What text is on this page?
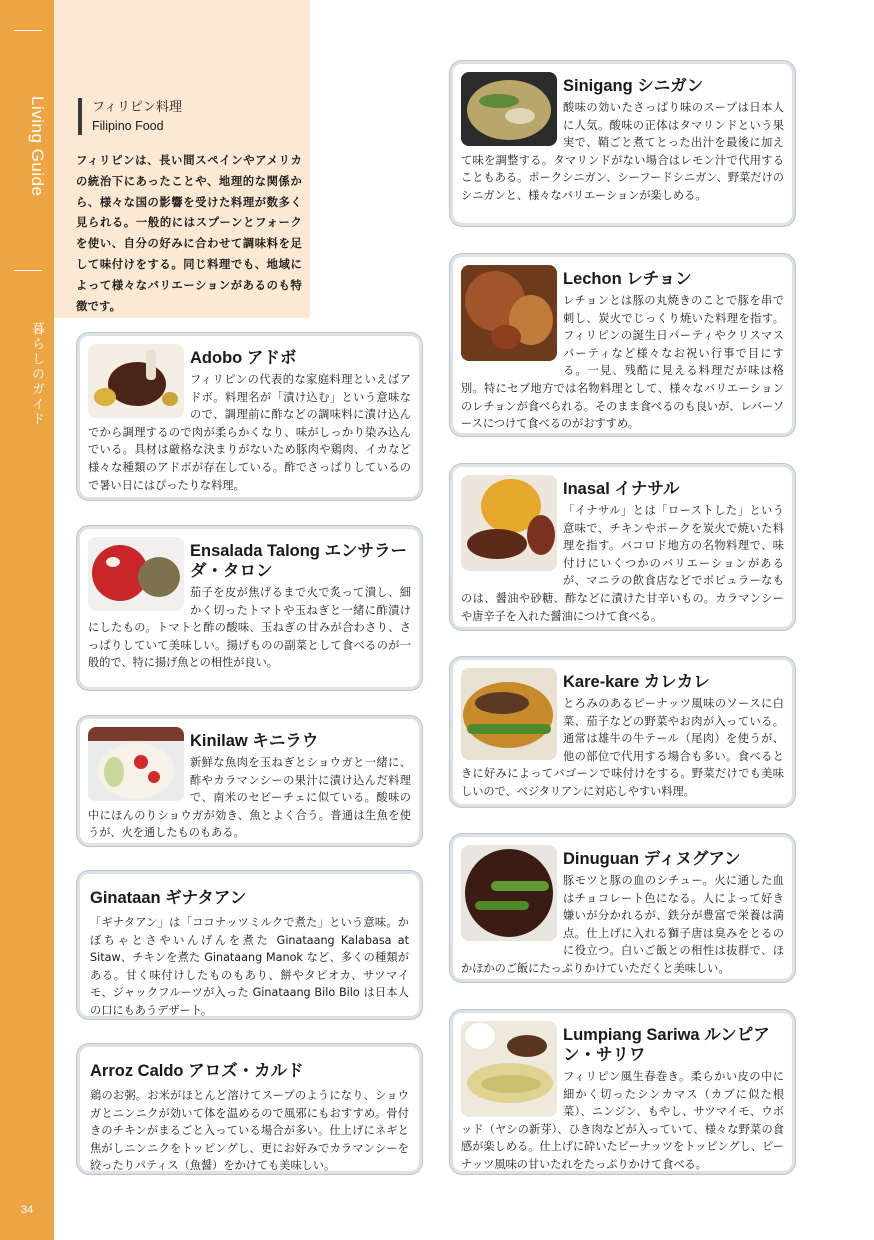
Living Guide
暮らしのガイド
34
フィリピン料理
Filipino Food
フィリピンは、長い間スペインやアメリカの統治下にあったことや、地理的な関係から、様々な国の影響を受けた料理が数多く見られる。一般的にはスプーンとフォークを使い、自分の好みに合わせて調味料を足して味付けをする。同じ料理でも、地域によって様々なバリエーションがあるのも特徴です。
Adobo アドボ
フィリピンの代表的な家庭料理といえばアドボ。料理名が「漬け込む」という意味なので、調理前に酢などの調味料に漬け込んでから調理するので肉が柔らかくなり、味がしっかり染み込んでいる。具材は厳格な決まりがないため豚肉や鶏肉、イカなど様々な種類のアドボが存在している。酢でさっぱりしているので暑い日にはぴったりな料理。
Ensalada Talong エンサラーダ・タロン
茄子を皮が焦げるまで火で炙って潰し、細かく切ったトマトや玉ねぎと一緒に酢漬けにしたもの。トマトと酢の酸味、玉ねぎの甘みが合わさり、さっぱりしていて美味しい。揚げものの副菜として食べるのが一般的で、特に揚げ魚との相性が良い。
Kinilaw キニラウ
新鮮な魚肉を玉ねぎとショウガと一緒に、酢やカラマンシーの果汁に漬け込んだ料理で、南米のセビーチェに似ている。酸味の中にほんのりショウガが効き、魚とよく合う。普通は生魚を使うが、火を通したものもある。
Ginataan ギナタアン
「ギナタアン」は「ココナッツミルクで煮た」という意味。かぼちゃとさやいんげんを煮た Ginataang Kalabasa at Sitaw、チキンを煮た Ginataang Manok など、多くの種類がある。甘く味付けしたものもあり、餅やタピオカ、サツマイモ、ジャックフルーツが入った Ginataang Bilo Bilo は日本人の口にもあうデザート。
Arroz Caldo アロズ・カルド
鶏のお粥。お米がほとんど溶けてスープのようになり、ショウガとニンニクが効いて体を温めるので風邪にもおすすめ。骨付きのチキンがまるごと入っている場合が多い。仕上げにネギと焦がしニンニクをトッピングし、更にお好みでカラマンシーを絞ったりパティス（魚醤）をかけても美味しい。
Sinigang シニガン
酸味の効いたさっぱり味のスープは日本人に人気。酸味の正体はタマリンドという果実で、鞘ごと煮てとった出汁を最後に加えて味を調整する。タマリンドがない場合はレモン汁で代用することもある。ポークシニガン、シーフードシニガン、野菜だけのシニガンと、様々なバリエーションが楽しめる。
Lechon レチョン
レチョンとは豚の丸焼きのことで豚を串で刺し、炭火でじっくり焼いた料理を指す。フィリピンの誕生日パーティやクリスマスパーティなど様々なお祝い行事で目にする。一見、残酷に見える料理だが味は格別。特にセブ地方では名物料理として、様々なバリエーションのレチョンが食べられる。そのまま食べるのも良いが、レバーソースにつけて食べるのがおすすめ。
Inasal イナサル
「イナサル」とは「ローストした」という意味で、チキンやポークを炭火で焼いた料理を指す。バコロド地方の名物料理で、味付けにいくつかのバリエーションがあるが、マニラの飲食店などでポピュラーなものは、醤油や砂糖、酢などに漬けた甘辛いもの。カラマンシーや唐辛子を入れた醤油につけて食べる。
Kare-kare カレカレ
とろみのあるピーナッツ風味のソースに白菜、茄子などの野菜やお肉が入っている。通常は雄牛の牛テール（尾肉）を使うが、他の部位で代用する場合も多い。食べるときに好みによってバゴーンで味付けをする。野菜だけでも美味しいので、ベジタリアンに対応しやすい料理。
Dinuguan ディヌグアン
豚モツと豚の血のシチュー。火に通した血はチョコレート色になる。人によって好き嫌いが分かれるが、鉄分が豊富で栄養は満点。仕上げに入れる獅子唐は臭みをとるのに役立つ。白いご飯との相性は抜群で、ほかほかのご飯にたっぷりかけていただくと美味しい。
Lumpiang Sariwa ルンピアン・サリワ
フィリピン風生春巻き。柔らかい皮の中に細かく切ったシンカマス（カブに似た根菜）、ニンジン、もやし、サツマイモ、ウボッド（ヤシの新芽）、ひき肉などが入っていて、様々な野菜の食感が楽しめる。仕上げに砕いたピーナッツをトッピングし、ピーナッツ風味の甘いたれをたっぷりかけて食べる。
